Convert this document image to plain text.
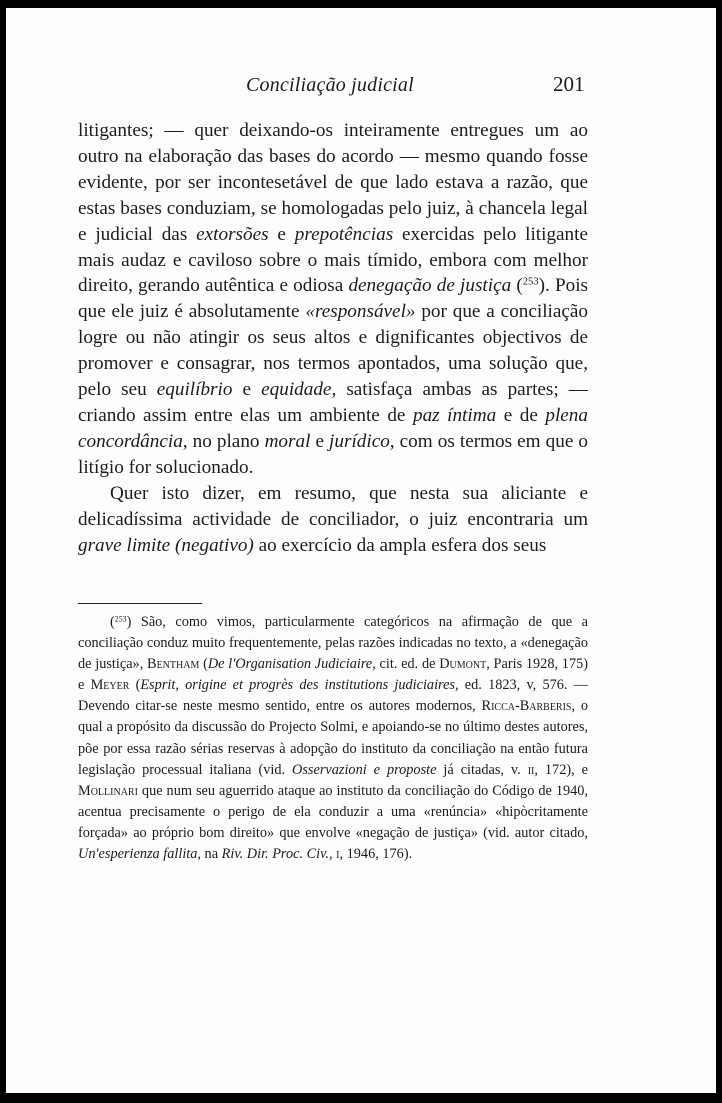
Conciliação judicial	201

litigantes; — quer deixando-os inteiramente entregues um ao outro na elaboração das bases do acordo — mesmo quando fosse evidente, por ser incontesetável de que lado estava a razão, que estas bases conduziam, se homologadas pelo juiz, à chancela legal e judicial das extorsões e prepotências exercidas pelo litigante mais audaz e caviloso sobre o mais tímido, embora com melhor direito, gerando autêntica e odiosa denegação de justiça ($^{253}$). Pois que ele juiz é absolutamente «responsável» por que a conciliação logre ou não atingir os seus altos e dignificantes objectivos de promover e consagrar, nos termos apontados, uma solução que, pelo seu equilíbrio e equidade, satisfaça ambas as partes; — criando assim entre elas um ambiente de paz íntima e de plena concordância, no plano moral e jurídico, com os termos em que o litígio for solucionado.

Quer isto dizer, em resumo, que nesta sua aliciante e delicadíssima actividade de conciliador, o juiz encontraria um grave limite (negativo) ao exercício da ampla esfera dos seus

($^{253}$) São, como vimos, particularmente categóricos na afirmação de que a conciliação conduz muito frequentemente, pelas razões indicadas no texto, a «denegação de justiça», Bentham (De l'Organisation Judiciaire, cit. ed. de Dumont, Paris 1928, 175) e Meyer (Esprit, origine et progrès des institutions judiciaires, ed. 1823, v, 576. — Devendo citar-se neste mesmo sentido, entre os autores modernos, Ricca-Barberis, o qual a propósito da discussão do Projecto Solmi, e apoiando-se no último destes autores, põe por essa razão sérias reservas à adopção do instituto da conciliação na então futura legislação processual italiana (vid. Osservazioni e proposte já citadas, v. ii, 172), e Mollinari que num seu aguerrido ataque ao instituto da conciliação do Código de 1940, acentua precisamente o perigo de ela conduzir a uma «renúncia» «hipòcritamente forçada» ao próprio bom direito» que envolve «negação de justiça» (vid. autor citado, Un'esperienza fallita, na Riv. Dir. Proc. Civ., i, 1946, 176).
